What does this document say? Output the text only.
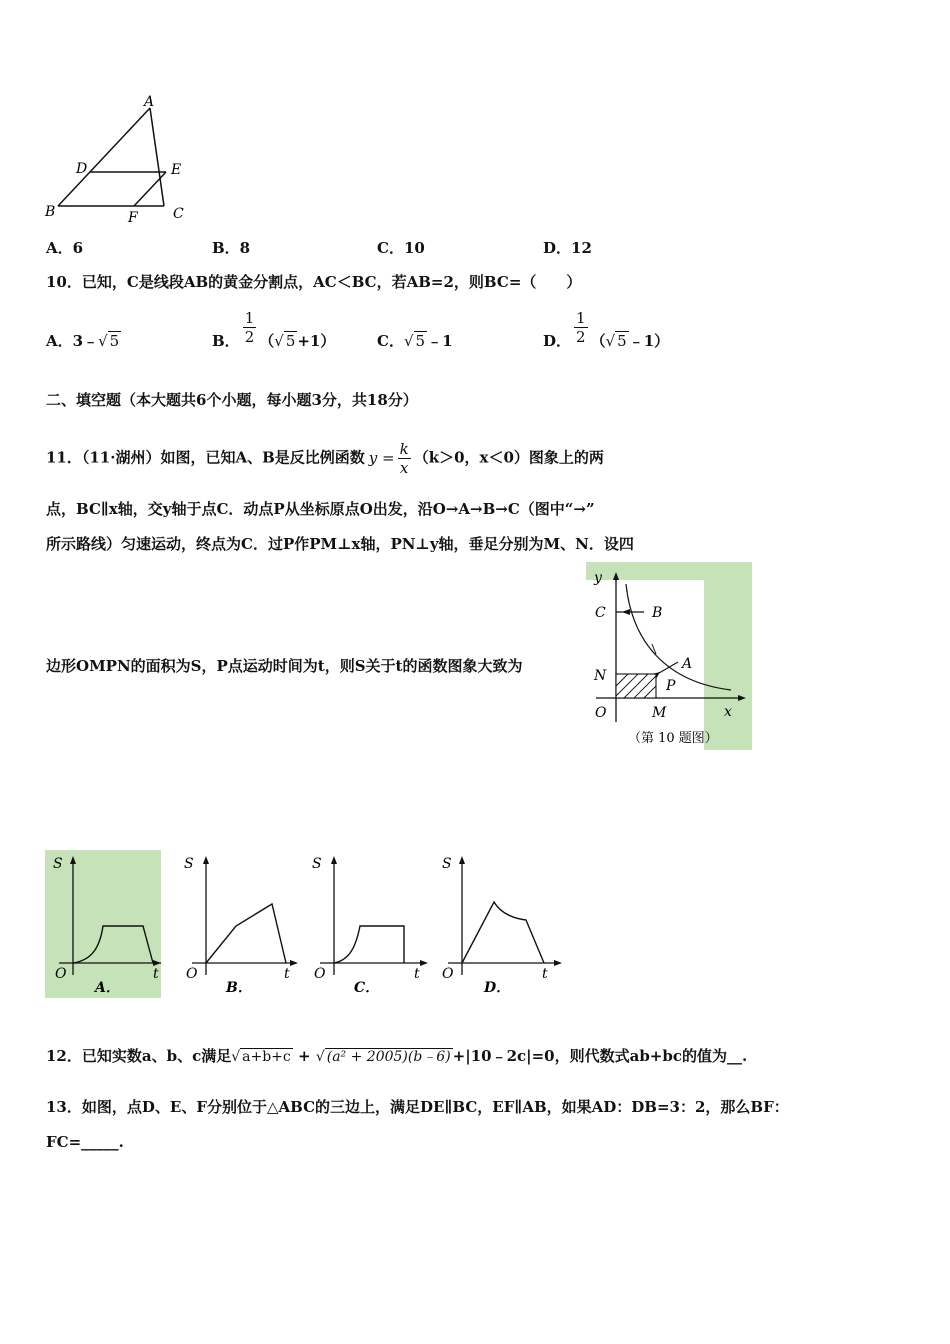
A
D	E
B	F	C
A．6	B．8	C．10	D．12
10．已知，C是线段AB的黄金分割点，AC＜BC，若AB=2，则BC=（　　）
A．3﹣√ 5	B． $\frac{1}{2}$ （√ 5 +1）	C．√ 5 ﹣1	D． $\frac{1}{2}$ （√ 5 ﹣1）
二、填空题（本大题共6个小题，每小题3分，共18分）
11．（11·湖州）如图，已知A、B是反比例函数 $y = \frac{k}{x} (k>0$，x＜0）图象上的两
点，BC∥x轴，交y轴于点C．动点P从坐标原点O出发，沿O→A→B→C（图中“→”
所示路线）匀速运动，终点为C．过P作PM⊥x轴，PN⊥y轴，垂足分别为M、N．设四
边形OMPN的面积为S，P点运动时间为t，则S关于t的函数图象大致为
y
x
O
C	B
N
A
P
M
（第 10 题图）
S
O	t
A．
S
O	t
B．
S
O	t
C．
S
O	t
D．
12．已知实数a、b、c满足√ a+b+c + √ (a² + 2005)(b﹣6) +|10﹣2c|=0，则代数式ab+bc的值为__.
13．如图，点D、E、F分别位于△ABC的三边上，满足DE∥BC，EF∥AB，如果AD：DB=3：2，那么BF：
FC=_____.
